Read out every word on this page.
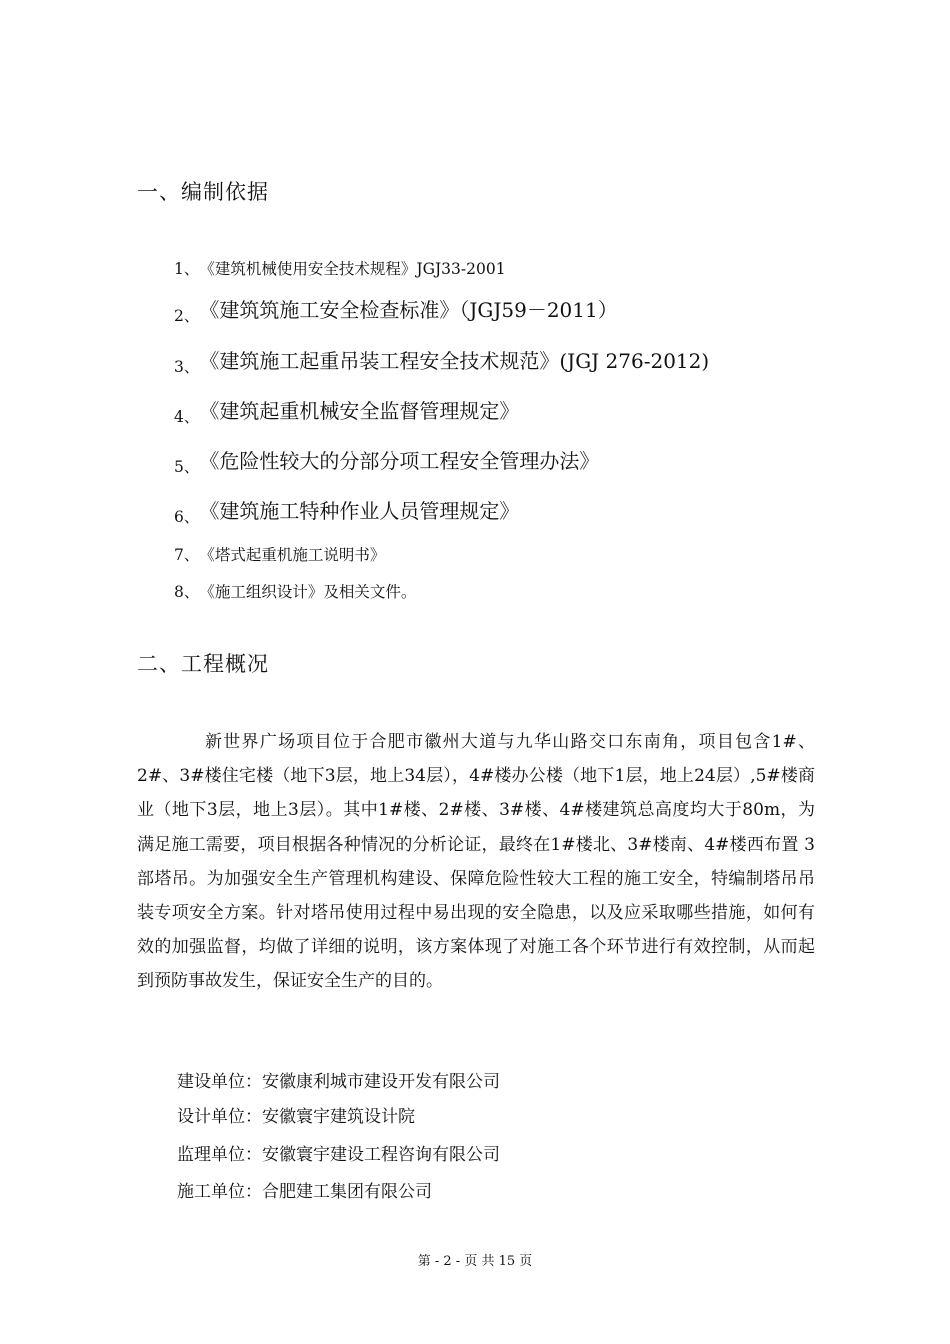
一、编制依据
1、《建筑机械使用安全技术规程》JGJ33-2001
2、《建筑筑施工安全检查标准》（JGJ59－2011）
3、《建筑施工起重吊装工程安全技术规范》(JGJ 276-2012)
4、《建筑起重机械安全监督管理规定》
5、《危险性较大的分部分项工程安全管理办法》
6、《建筑施工特种作业人员管理规定》
7、《塔式起重机施工说明书》
8、《施工组织设计》及相关文件。
二、工程概况

新世界广场项目位于合肥市徽州大道与九华山路交口东南角，项目包含1#、2#、3#楼住宅楼（地下3层，地上34层），4#楼办公楼（地下1层，地上24层）,5#楼商业（地下3层，地上3层）。其中1#楼、2#楼、3#楼、4#楼建筑总高度均大于80m，为满足施工需要，项目根据各种情况的分析论证，最终在1#楼北、3#楼南、4#楼西布置 3 部塔吊。为加强安全生产管理机构建设、保障危险性较大工程的施工安全，特编制塔吊吊装专项安全方案。针对塔吊使用过程中易出现的安全隐患，以及应采取哪些措施，如何有效的加强监督，均做了详细的说明，该方案体现了对施工各个环节进行有效控制，从而起到预防事故发生，保证安全生产的目的。

建设单位：安徽康利城市建设开发有限公司
设计单位：安徽寰宇建筑设计院
监理单位：安徽寰宇建设工程咨询有限公司
施工单位：合肥建工集团有限公司
第 - 2 - 页 共 15 页
